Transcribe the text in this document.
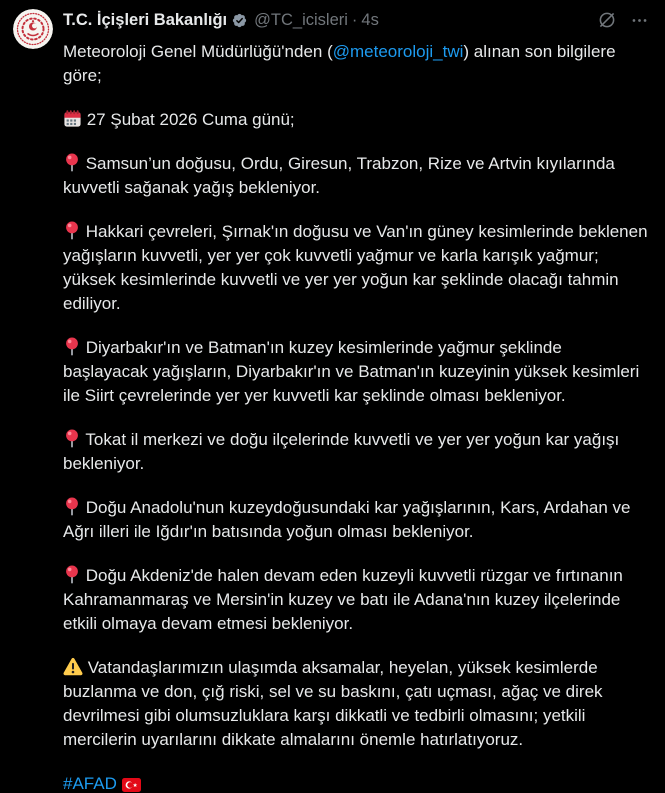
T.C. İçişleri Bakanlığı @TC_icisleri · 4s

Meteoroloji Genel Müdürlüğü'nden (@meteoroloji_twi) alınan son bilgilere göre;

27 Şubat 2026 Cuma günü;

Samsun’un doğusu, Ordu, Giresun, Trabzon, Rize ve Artvin kıyılarında kuvvetli sağanak yağış bekleniyor.

Hakkari çevreleri, Şırnak'ın doğusu ve Van'ın güney kesimlerinde beklenen yağışların kuvvetli, yer yer çok kuvvetli yağmur ve karla karışık yağmur; yüksek kesimlerinde kuvvetli ve yer yer yoğun kar şeklinde olacağı tahmin ediliyor.

Diyarbakır'ın ve Batman'ın kuzey kesimlerinde yağmur şeklinde başlayacak yağışların, Diyarbakır'ın ve Batman'ın kuzeyinin yüksek kesimleri ile Siirt çevrelerinde yer yer kuvvetli kar şeklinde olması bekleniyor.

Tokat il merkezi ve doğu ilçelerinde kuvvetli ve yer yer yoğun kar yağışı bekleniyor.

Doğu Anadolu'nun kuzeydoğusundaki kar yağışlarının, Kars, Ardahan ve Ağrı illeri ile Iğdır'ın batısında yoğun olması bekleniyor.

Doğu Akdeniz'de halen devam eden kuzeyli kuvvetli rüzgar ve fırtınanın Kahramanmaraş ve Mersin'in kuzey ve batı ile Adana'nın kuzey ilçelerinde etkili olmaya devam etmesi bekleniyor.

Vatandaşlarımızın ulaşımda aksamalar, heyelan, yüksek kesimlerde buzlanma ve don, çığ riski, sel ve su baskını, çatı uçması, ağaç ve direk devrilmesi gibi olumsuzluklara karşı dikkatli ve tedbirli olmasını; yetkili mercilerin uyarılarını dikkate almalarını önemle hatırlatıyoruz.

#AFAD
